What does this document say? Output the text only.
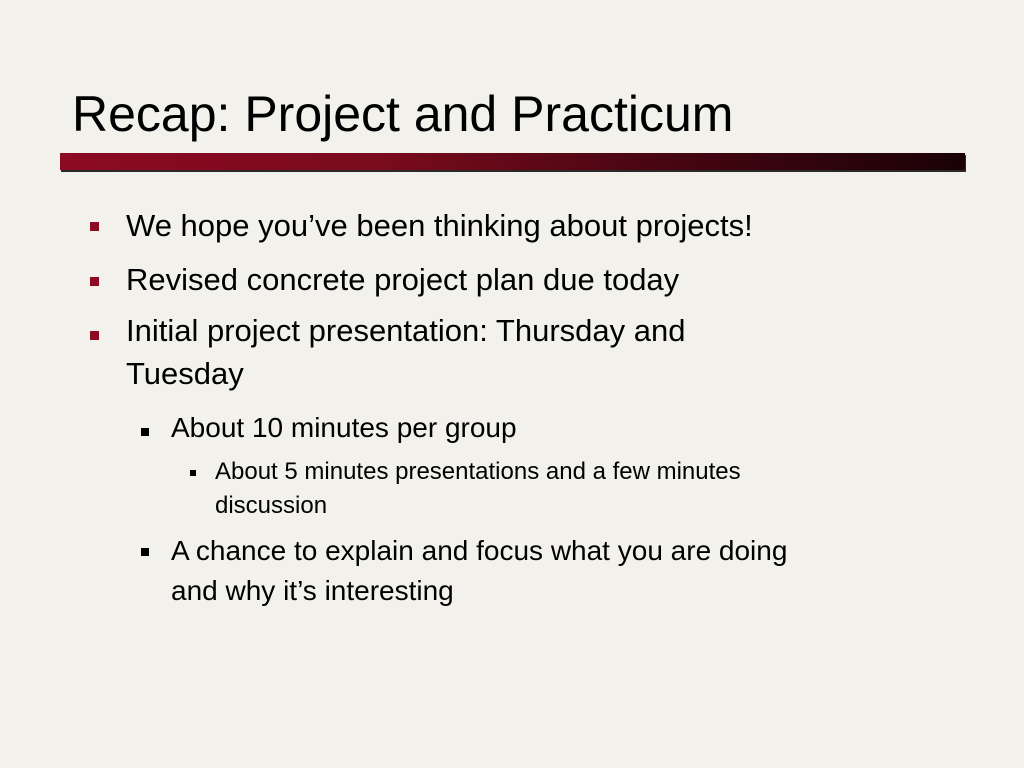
Recap: Project and Practicum
We hope you’ve been thinking about projects!
Revised concrete project plan due today
Initial project presentation: Thursday and
Tuesday
About 10 minutes per group
About 5 minutes presentations and a few minutes
discussion
A chance to explain and focus what you are doing
and why it’s interesting
